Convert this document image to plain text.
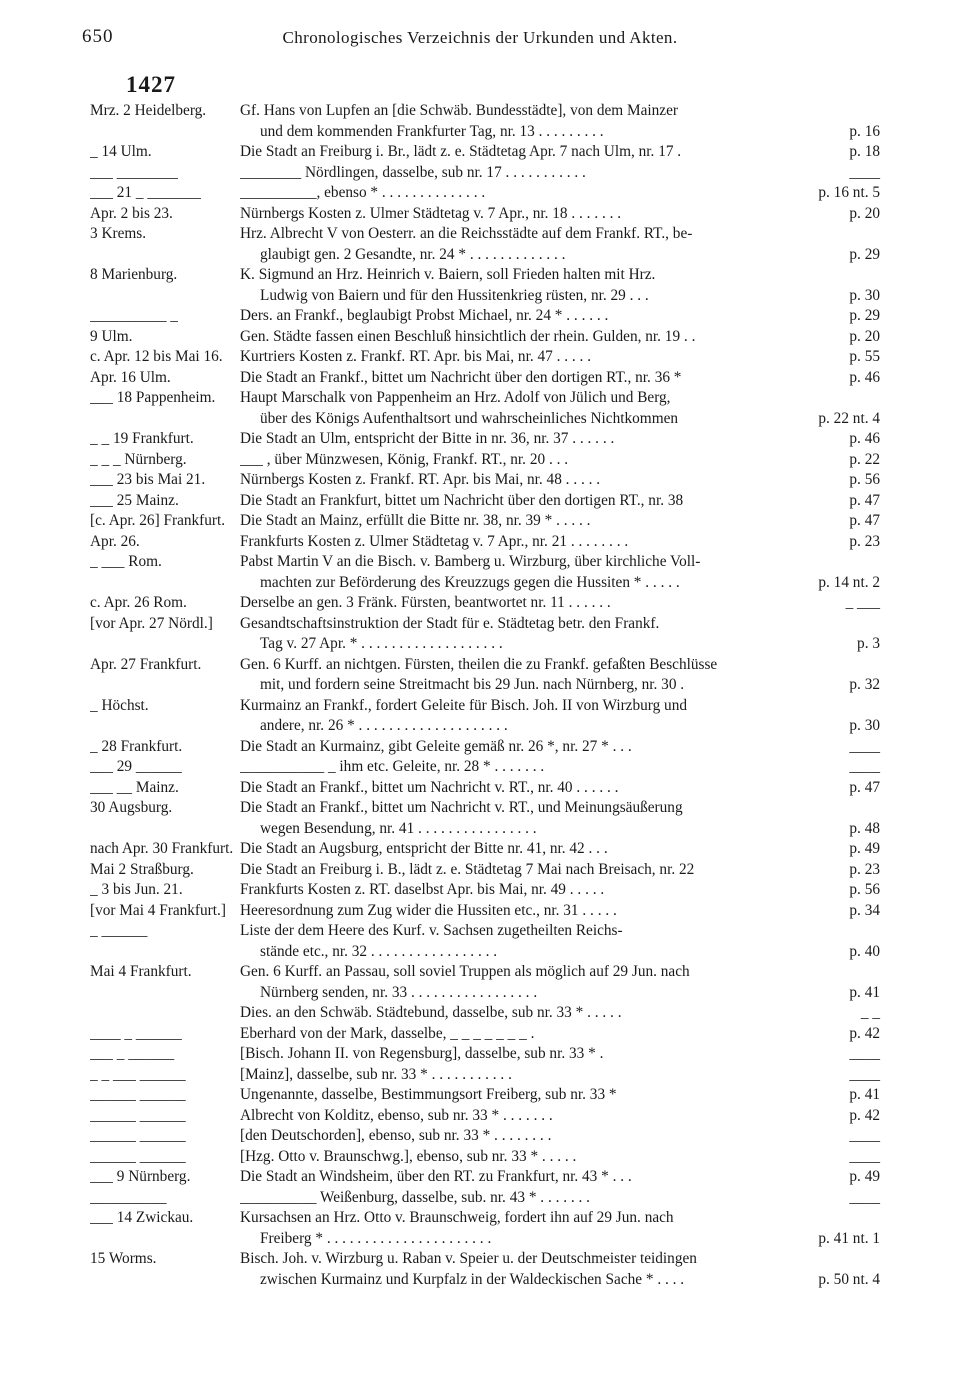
650	Chronologisches Verzeichnis der Urkunden und Akten.
1427
Mrz. 2 Heidelberg.	Gf. Hans von Lupfen an [die Schwäb. Bundesstädte], von dem Mainzer
und dem kommenden Frankfurter Tag, nr. 13 . . . . . . . . .	p. 16
_ 14 Ulm.	Die Stadt an Freiburg i. Br., lädt z. e. Städtetag Apr. 7 nach Ulm, nr. 17 .	p. 18
___ ________	________ Nördlingen, dasselbe, sub nr. 17 . . . . . . . . . . .	____
___ 21 _ _______	__________, ebenso * . . . . . . . . . . . . . .	p. 16 nt. 5
Apr. 2 bis 23.	Nürnbergs Kosten z. Ulmer Städtetag v. 7 Apr., nr. 18 . . . . . . .	p. 20
3 Krems.	Hrz. Albrecht V von Oesterr. an die Reichsstädte auf dem Frankf. RT., be-
glaubigt gen. 2 Gesandte, nr. 24 * . . . . . . . . . . . . .	p. 29
8 Marienburg.	K. Sigmund an Hrz. Heinrich v. Baiern, soll Frieden halten mit Hrz.
Ludwig von Baiern und für den Hussitenkrieg rüsten, nr. 29 . . .	p. 30
__________ _	Ders. an Frankf., beglaubigt Probst Michael, nr. 24 * . . . . . .	p. 29
9 Ulm.	Gen. Städte fassen einen Beschluß hinsichtlich der rhein. Gulden, nr. 19 . .	p. 20
c. Apr. 12 bis Mai 16.	Kurtriers Kosten z. Frankf. RT. Apr. bis Mai, nr. 47 . . . . .	p. 55
Apr. 16 Ulm.	Die Stadt an Frankf., bittet um Nachricht über den dortigen RT., nr. 36 *	p. 46
___ 18 Pappenheim.	Haupt Marschalk von Pappenheim an Hrz. Adolf von Jülich und Berg,
über des Königs Aufenthaltsort und wahrscheinliches Nichtkommen	p. 22 nt. 4
_ _ 19 Frankfurt.	Die Stadt an Ulm, entspricht der Bitte in nr. 36, nr. 37 . . . . . .	p. 46
_ _ _ Nürnberg.	___ , über Münzwesen, König, Frankf. RT., nr. 20 . . .	p. 22
___ 23 bis Mai 21.	Nürnbergs Kosten z. Frankf. RT. Apr. bis Mai, nr. 48 . . . . .	p. 56
___ 25 Mainz.	Die Stadt an Frankfurt, bittet um Nachricht über den dortigen RT., nr. 38	p. 47
[c. Apr. 26] Frankfurt. Die Stadt an Mainz, erfüllt die Bitte nr. 38, nr. 39 * . . . . .	p. 47
Apr. 26.	Frankfurts Kosten z. Ulmer Städtetag v. 7 Apr., nr. 21 . . . . . . . .	p. 23
_ ___ Rom.	Pabst Martin V an die Bisch. v. Bamberg u. Wirzburg, über kirchliche Voll-
machten zur Beförderung des Kreuzzugs gegen die Hussiten * . . . . .	p. 14 nt. 2
c. Apr. 26 Rom.	Derselbe an gen. 3 Fränk. Fürsten, beantwortet nr. 11 . . . . . .	_ ___
[vor Apr. 27 Nördl.]	Gesandtschaftsinstruktion der Stadt für e. Städtetag betr. den Frankf.
Tag v. 27 Apr. * . . . . . . . . . . . . . . . . . . .	p. 3
Apr. 27 Frankfurt.	Gen. 6 Kurff. an nichtgen. Fürsten, theilen die zu Frankf. gefaßten Beschlüsse
mit, und fordern seine Streitmacht bis 29 Jun. nach Nürnberg, nr. 30 .	p. 32
_ Höchst.	Kurmainz an Frankf., fordert Geleite für Bisch. Joh. II von Wirzburg und
andere, nr. 26 * . . . . . . . . . . . . . . . . . . . .	p. 30
_ 28 Frankfurt.	Die Stadt an Kurmainz, gibt Geleite gemäß nr. 26 *, nr. 27 * . . .	____
___ 29 ______	___________ _ ihm etc. Geleite, nr. 28 * . . . . . . .	____
___ __ Mainz.	Die Stadt an Frankf., bittet um Nachricht v. RT., nr. 40 . . . . . .	p. 47
30 Augsburg.	Die Stadt an Frankf., bittet um Nachricht v. RT., und Meinungsäußerung
wegen Besendung, nr. 41 . . . . . . . . . . . . . . . .	p. 48
nach Apr. 30 Frankfurt. Die Stadt an Augsburg, entspricht der Bitte nr. 41, nr. 42 . . .	p. 49
Mai 2 Straßburg.	Die Stadt an Freiburg i. B., lädt z. e. Städtetag 7 Mai nach Breisach, nr. 22	p. 23
_ 3 bis Jun. 21.	Frankfurts Kosten z. RT. daselbst Apr. bis Mai, nr. 49 . . . . .	p. 56
[vor Mai 4 Frankfurt.] Heeresordnung zum Zug wider die Hussiten etc., nr. 31 . . . . .	p. 34
_ ______	Liste der dem Heere des Kurf. v. Sachsen zugetheilten Reichs-
stände etc., nr. 32 . . . . . . . . . . . . . . . . .	p. 40
Mai 4 Frankfurt.	Gen. 6 Kurff. an Passau, soll soviel Truppen als möglich auf 29 Jun. nach
Nürnberg senden, nr. 33 . . . . . . . . . . . . . . . . .	p. 41
Dies. an den Schwäb. Städtebund, dasselbe, sub nr. 33 * . . . . .	_ _
____ _ ______	Eberhard von der Mark, dasselbe, _ _ _ _ _ _ _ .	p. 42
___ _ ______	[Bisch. Johann II. von Regensburg], dasselbe, sub nr. 33 * .	____
_ _ ___ ______	[Mainz], dasselbe, sub nr. 33 * . . . . . . . . . . .	____
______ ______	Ungenannte, dasselbe, Bestimmungsort Freiberg, sub nr. 33 *	p. 41
______ ______	Albrecht von Kolditz, ebenso, sub nr. 33 * . . . . . . .	p. 42
______ ______	[den Deutschorden], ebenso, sub nr. 33 * . . . . . . . .	____
______ ______	[Hzg. Otto v. Braunschwg.], ebenso, sub nr. 33 * . . . . .	____
___ 9 Nürnberg.	Die Stadt an Windsheim, über den RT. zu Frankfurt, nr. 43 * . . .	p. 49
__________	__________ Weißenburg, dasselbe, sub. nr. 43 * . . . . . . .	____
___ 14 Zwickau.	Kursachsen an Hrz. Otto v. Braunschweig, fordert ihn auf 29 Jun. nach
Freiberg * . . . . . . . . . . . . . . . . . . . . . .	p. 41 nt. 1
15 Worms.	Bisch. Joh. v. Wirzburg u. Raban v. Speier u. der Deutschmeister teidingen
zwischen Kurmainz und Kurpfalz in der Waldeckischen Sache * . . . .	p. 50 nt. 4
